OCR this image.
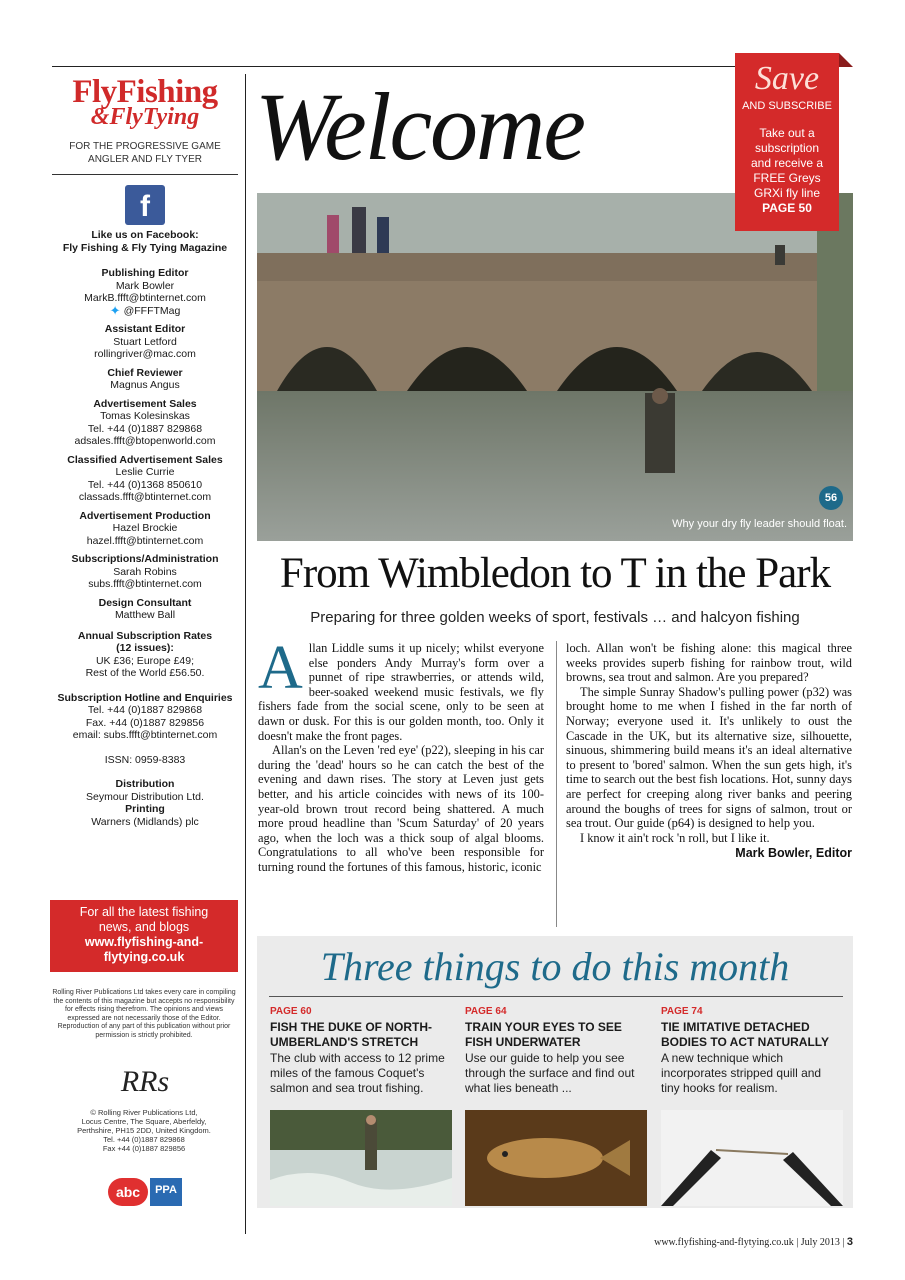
FlyFishing
&FlyTying
FOR THE PROGRESSIVE GAME ANGLER AND FLY TYER
f
Like us on Facebook:
Fly Fishing & Fly Tying Magazine
Publishing Editor
Mark Bowler
MarkB.ffft@btinternet.com
✦ @FFFTMag
Assistant Editor
Stuart Letford
rollingriver@mac.com
Chief Reviewer
Magnus Angus
Advertisement Sales
Tomas Kolesinskas
Tel. +44 (0)1887 829868
adsales.ffft@btopenworld.com
Classified Advertisement Sales
Leslie Currie
Tel. +44 (0)1368 850610
classads.ffft@btinternet.com
Advertisement Production
Hazel Brockie
hazel.ffft@btinternet.com
Subscriptions/Administration
Sarah Robins
subs.ffft@btinternet.com
Design Consultant
Matthew Ball
Annual Subscription Rates
(12 issues):
UK £36; Europe £49;
Rest of the World £56.50.
Subscription Hotline and Enquiries
Tel. +44 (0)1887 829868
Fax. +44 (0)1887 829856
email: subs.ffft@btinternet.com
ISSN: 0959-8383
Distribution
Seymour Distribution Ltd.
Printing
Warners (Midlands) plc
For all the latest fishing
news, and blogs
www.flyfishing-and-
flytying.co.uk
Rolling River Publications Ltd takes every care in compiling the contents of this magazine but accepts no responsibility for effects rising therefrom. The opinions and views expressed are not necessarily those of the Editor. Reproduction of any part of this publication without prior permission is strictly prohibited.
RRs
© Rolling River Publications Ltd,
Locus Centre, The Square, Aberfeldy,
Perthshire, PH15 2DD, United Kingdom.
Tel. +44 (0)1887 829868
Fax +44 (0)1887 829856
abc	PPA
Welcome
56
Why your dry fly leader should float.
Save
AND SUBSCRIBE
Take out a
subscription
and receive a
FREE Greys
GRXi fly line
PAGE 50
From Wimbledon to T in the Park
Preparing for three golden weeks of sport, festivals … and halcyon fishing

Allan Liddle sums it up nicely; whilst everyone else ponders Andy Murray's form over a punnet of ripe strawberries, or attends wild, beer-soaked weekend music festivals, we fly fishers fade from the social scene, only to be seen at dawn or dusk. For this is our golden month, too. Only it doesn't make the front pages.

Allan's on the Leven 'red eye' (p22), sleeping in his car during the 'dead' hours so he can catch the best of the evening and dawn rises. The story at Leven just gets better, and his article coincides with news of its 100-year-old brown trout record being shattered. A much more proud headline than 'Scum Saturday' of 20 years ago, when the loch was a thick soup of algal blooms. Congratulations to all who've been responsible for turning round the fortunes of this famous, historic, iconic

loch. Allan won't be fishing alone: this magical three weeks provides superb fishing for rainbow trout, wild browns, sea trout and salmon. Are you prepared?

The simple Sunray Shadow's pulling power (p32) was brought home to me when I fished in the far north of Norway; everyone used it. It's unlikely to oust the Cascade in the UK, but its alternative size, silhouette, sinuous, shimmering build means it's an ideal alternative to present to 'bored' salmon. When the sun gets high, it's time to search out the best fish locations. Hot, sunny days are perfect for creeping along river banks and peering around the boughs of trees for signs of salmon, trout or sea trout. Our guide (p64) is designed to help you.

I know it ain't rock 'n roll, but I like it.

Mark Bowler, Editor
Three things to do this month
PAGE 60
FISH THE DUKE OF NORTH-UMBERLAND'S STRETCH
The club with access to 12 prime miles of the famous Coquet's salmon and sea trout fishing.
PAGE 64
TRAIN YOUR EYES TO SEE FISH UNDERWATER
Use our guide to help you see through the surface and find out what lies beneath ...
PAGE 74
TIE IMITATIVE DETACHED BODIES TO ACT NATURALLY
A new technique which incorporates stripped quill and tiny hooks for realism.
www.flyfishing-and-flytying.co.uk | July 2013 | 3
